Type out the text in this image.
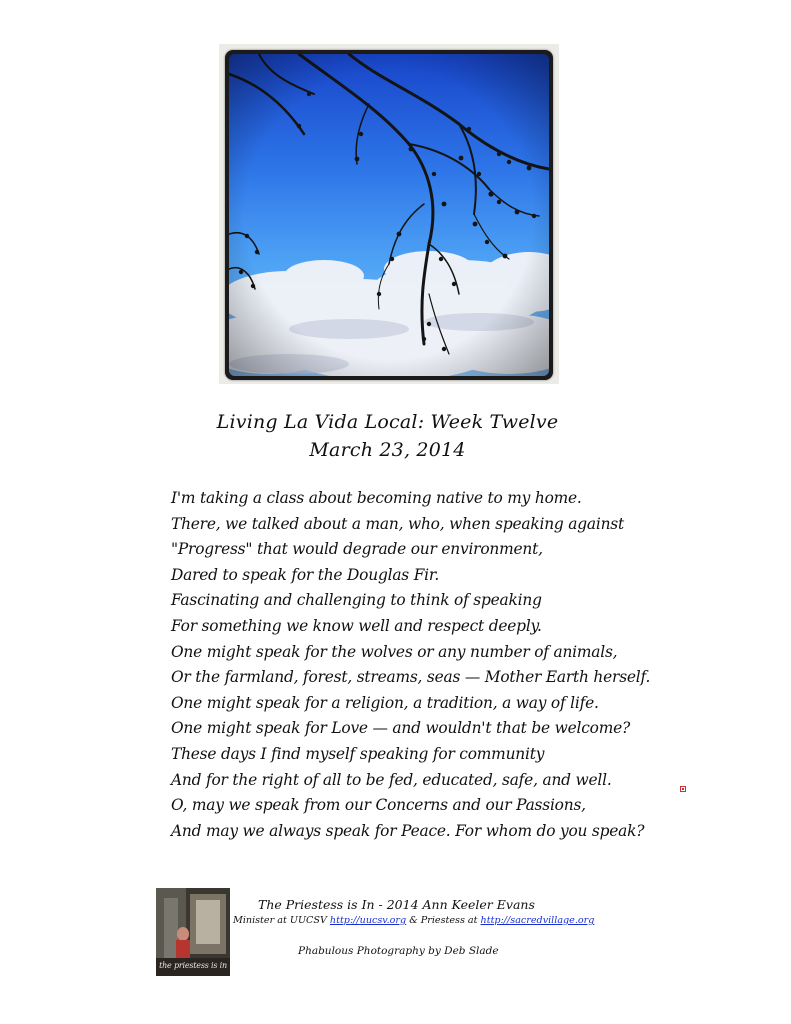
Living La Vida Local: Week Twelve
March 23, 2014
I'm taking a class about becoming native to my home.
There, we talked about a man, who, when speaking against
"Progress" that would degrade our environment,
Dared to speak for the Douglas Fir.
Fascinating and challenging to think of speaking
For something we know well and respect deeply.
One might speak for the wolves or any number of animals,
Or the farmland, forest, streams, seas — Mother Earth herself.
One might speak for a religion, a tradition, a way of life.
One might speak for Love — and wouldn't that be welcome?
These days I find myself speaking for community
And for the right of all to be fed, educated, safe, and well.
O, may we speak from our Concerns and our Passions,
And may we always speak for Peace. For whom do you speak?
the priestess is in
The Priestess is In - 2014 Ann Keeler Evans
Minister at UUCSV http://uucsv.org & Priestess at http://sacredvillage.org
Phabulous Photography by Deb Slade
